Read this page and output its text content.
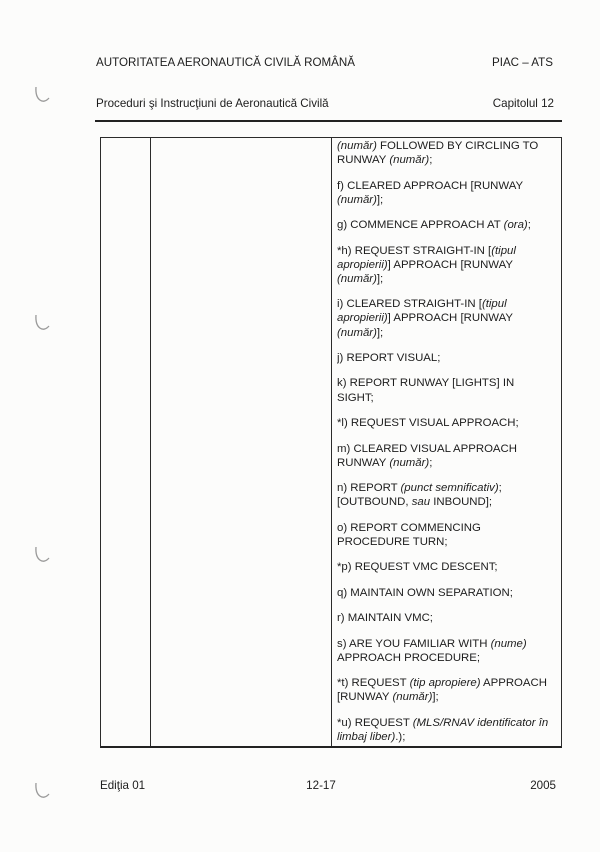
AUTORITATEA AERONAUTICĂ CIVILĂ ROMÂNĂ	PIAC – ATS
Proceduri şi Instrucţiuni de Aeronautică Civilă	Capitolul 12
(număr) FOLLOWED BY CIRCLING TO
RUNWAY (număr);
f) CLEARED APPROACH [RUNWAY
(număr)];
g) COMMENCE APPROACH AT (ora);
*h) REQUEST STRAIGHT-IN [(tipul
apropierii)] APPROACH [RUNWAY
(număr)];
i) CLEARED STRAIGHT-IN [(tipul
apropierii)] APPROACH [RUNWAY
(număr)];
j) REPORT VISUAL;
k) REPORT RUNWAY [LIGHTS] IN
SIGHT;
*l) REQUEST VISUAL APPROACH;
m) CLEARED VISUAL APPROACH
RUNWAY (număr);
n) REPORT (punct semnificativ);
[OUTBOUND, sau INBOUND];
o) REPORT COMMENCING
PROCEDURE TURN;
*p) REQUEST VMC DESCENT;
q) MAINTAIN OWN SEPARATION;
r) MAINTAIN VMC;
s) ARE YOU FAMILIAR WITH (nume)
APPROACH PROCEDURE;
*t) REQUEST (tip apropiere) APPROACH
[RUNWAY (număr)];
*u) REQUEST (MLS/RNAV identificator în
limbaj liber).);
Ediţia 01	12-17	2005
